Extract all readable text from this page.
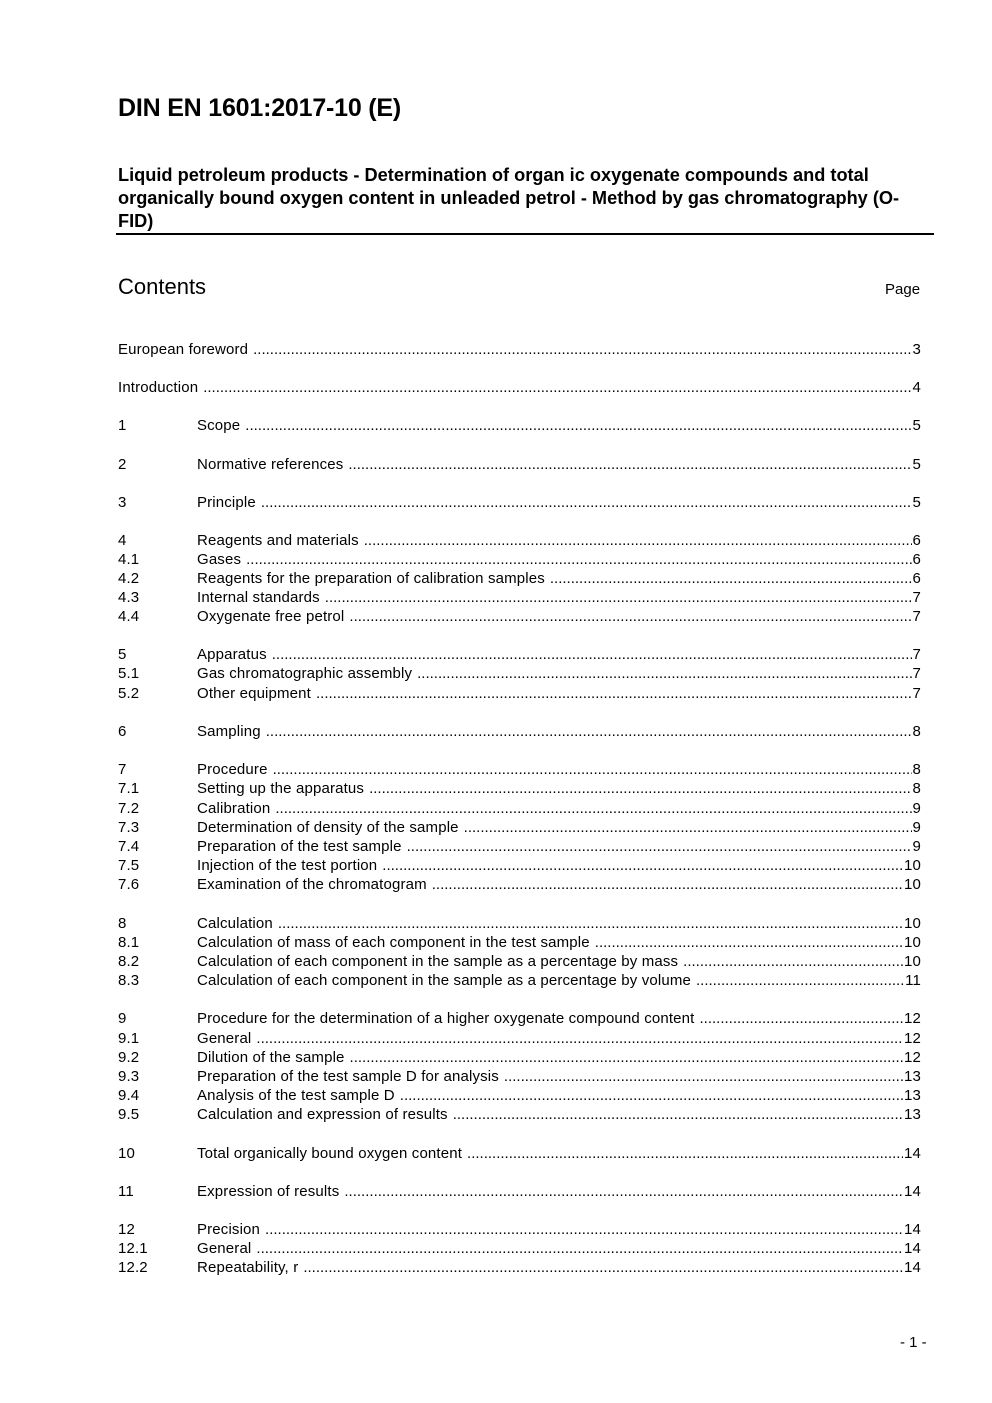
DIN EN 1601:2017-10 (E)
Liquid petroleum products - Determination of organ ic oxygenate compounds and total organically bound oxygen content in unleaded petrol - Method by gas chromatography (O-FID)
Contents	Page
European foreword .....	3
Introduction .....	4
1	Scope .....	5
2	Normative references .....	5
3	Principle .....	5
4	Reagents and materials .....	6
4.1	Gases .....	6
4.2	Reagents for the preparation of calibration samples .....	6
4.3	Internal standards .....	7
4.4	Oxygenate free petrol .....	7
5	Apparatus .....	7
5.1	Gas chromatographic assembly .....	7
5.2	Other equipment .....	7
6	Sampling .....	8
7	Procedure .....	8
7.1	Setting up the apparatus .....	8
7.2	Calibration .....	9
7.3	Determination of density of the sample .....	9
7.4	Preparation of the test sample .....	9
7.5	Injection of the test portion .....	10
7.6	Examination of the chromatogram .....	10
8	Calculation .....	10
8.1	Calculation of mass of each component in the test sample .....	10
8.2	Calculation of each component in the sample as a percentage by mass .....	10
8.3	Calculation of each component in the sample as a percentage by volume .....	11
9	Procedure for the determination of a higher oxygenate compound content .....	12
9.1	General .....	12
9.2	Dilution of the sample .....	12
9.3	Preparation of the test sample D for analysis .....	13
9.4	Analysis of the test sample D .....	13
9.5	Calculation and expression of results .....	13
10	Total organically bound oxygen content .....	14
11	Expression of results .....	14
12	Precision .....	14
12.1	General .....	14
12.2	Repeatability, r .....	14
- 1 -
